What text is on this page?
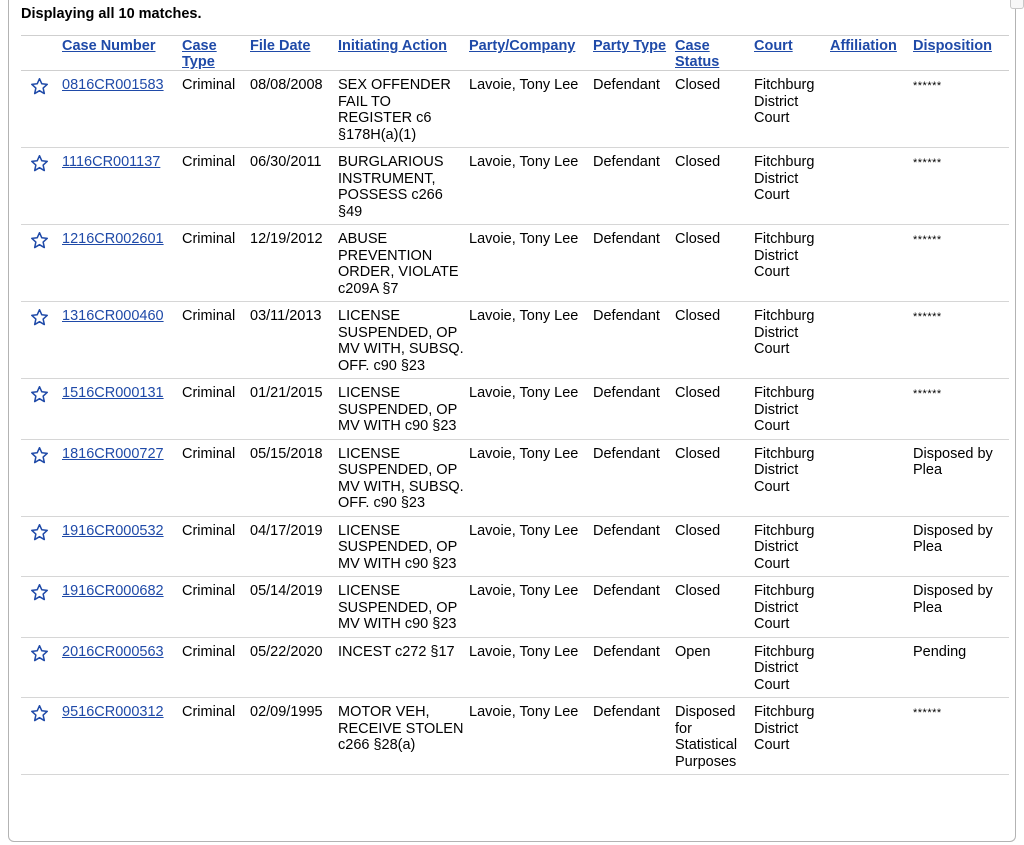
Displaying all 10 matches.
	Case Number	Case Type	File Date	Initiating Action	Party/Company	Party Type	Case Status	Court	Affiliation	Disposition
	0816CR001583	Criminal	08/08/2008	SEX OFFENDER FAIL TO REGISTER c6 §178H(a)(1)	Lavoie, Tony Lee	Defendant	Closed	Fitchburg District Court		******
	1116CR001137	Criminal	06/30/2011	BURGLARIOUS INSTRUMENT, POSSESS c266 §49	Lavoie, Tony Lee	Defendant	Closed	Fitchburg District Court		******
	1216CR002601	Criminal	12/19/2012	ABUSE PREVENTION ORDER, VIOLATE c209A §7	Lavoie, Tony Lee	Defendant	Closed	Fitchburg District Court		******
	1316CR000460	Criminal	03/11/2013	LICENSE SUSPENDED, OP MV WITH, SUBSQ. OFF. c90 §23	Lavoie, Tony Lee	Defendant	Closed	Fitchburg District Court		******
	1516CR000131	Criminal	01/21/2015	LICENSE SUSPENDED, OP MV WITH c90 §23	Lavoie, Tony Lee	Defendant	Closed	Fitchburg District Court		******
	1816CR000727	Criminal	05/15/2018	LICENSE SUSPENDED, OP MV WITH, SUBSQ. OFF. c90 §23	Lavoie, Tony Lee	Defendant	Closed	Fitchburg District Court		Disposed by Plea
	1916CR000532	Criminal	04/17/2019	LICENSE SUSPENDED, OP MV WITH c90 §23	Lavoie, Tony Lee	Defendant	Closed	Fitchburg District Court		Disposed by Plea
	1916CR000682	Criminal	05/14/2019	LICENSE SUSPENDED, OP MV WITH c90 §23	Lavoie, Tony Lee	Defendant	Closed	Fitchburg District Court		Disposed by Plea
	2016CR000563	Criminal	05/22/2020	INCEST c272 §17	Lavoie, Tony Lee	Defendant	Open	Fitchburg District Court		Pending
	9516CR000312	Criminal	02/09/1995	MOTOR VEH, RECEIVE STOLEN c266 §28(a)	Lavoie, Tony Lee	Defendant	Disposed for Statistical Purposes	Fitchburg District Court		******
